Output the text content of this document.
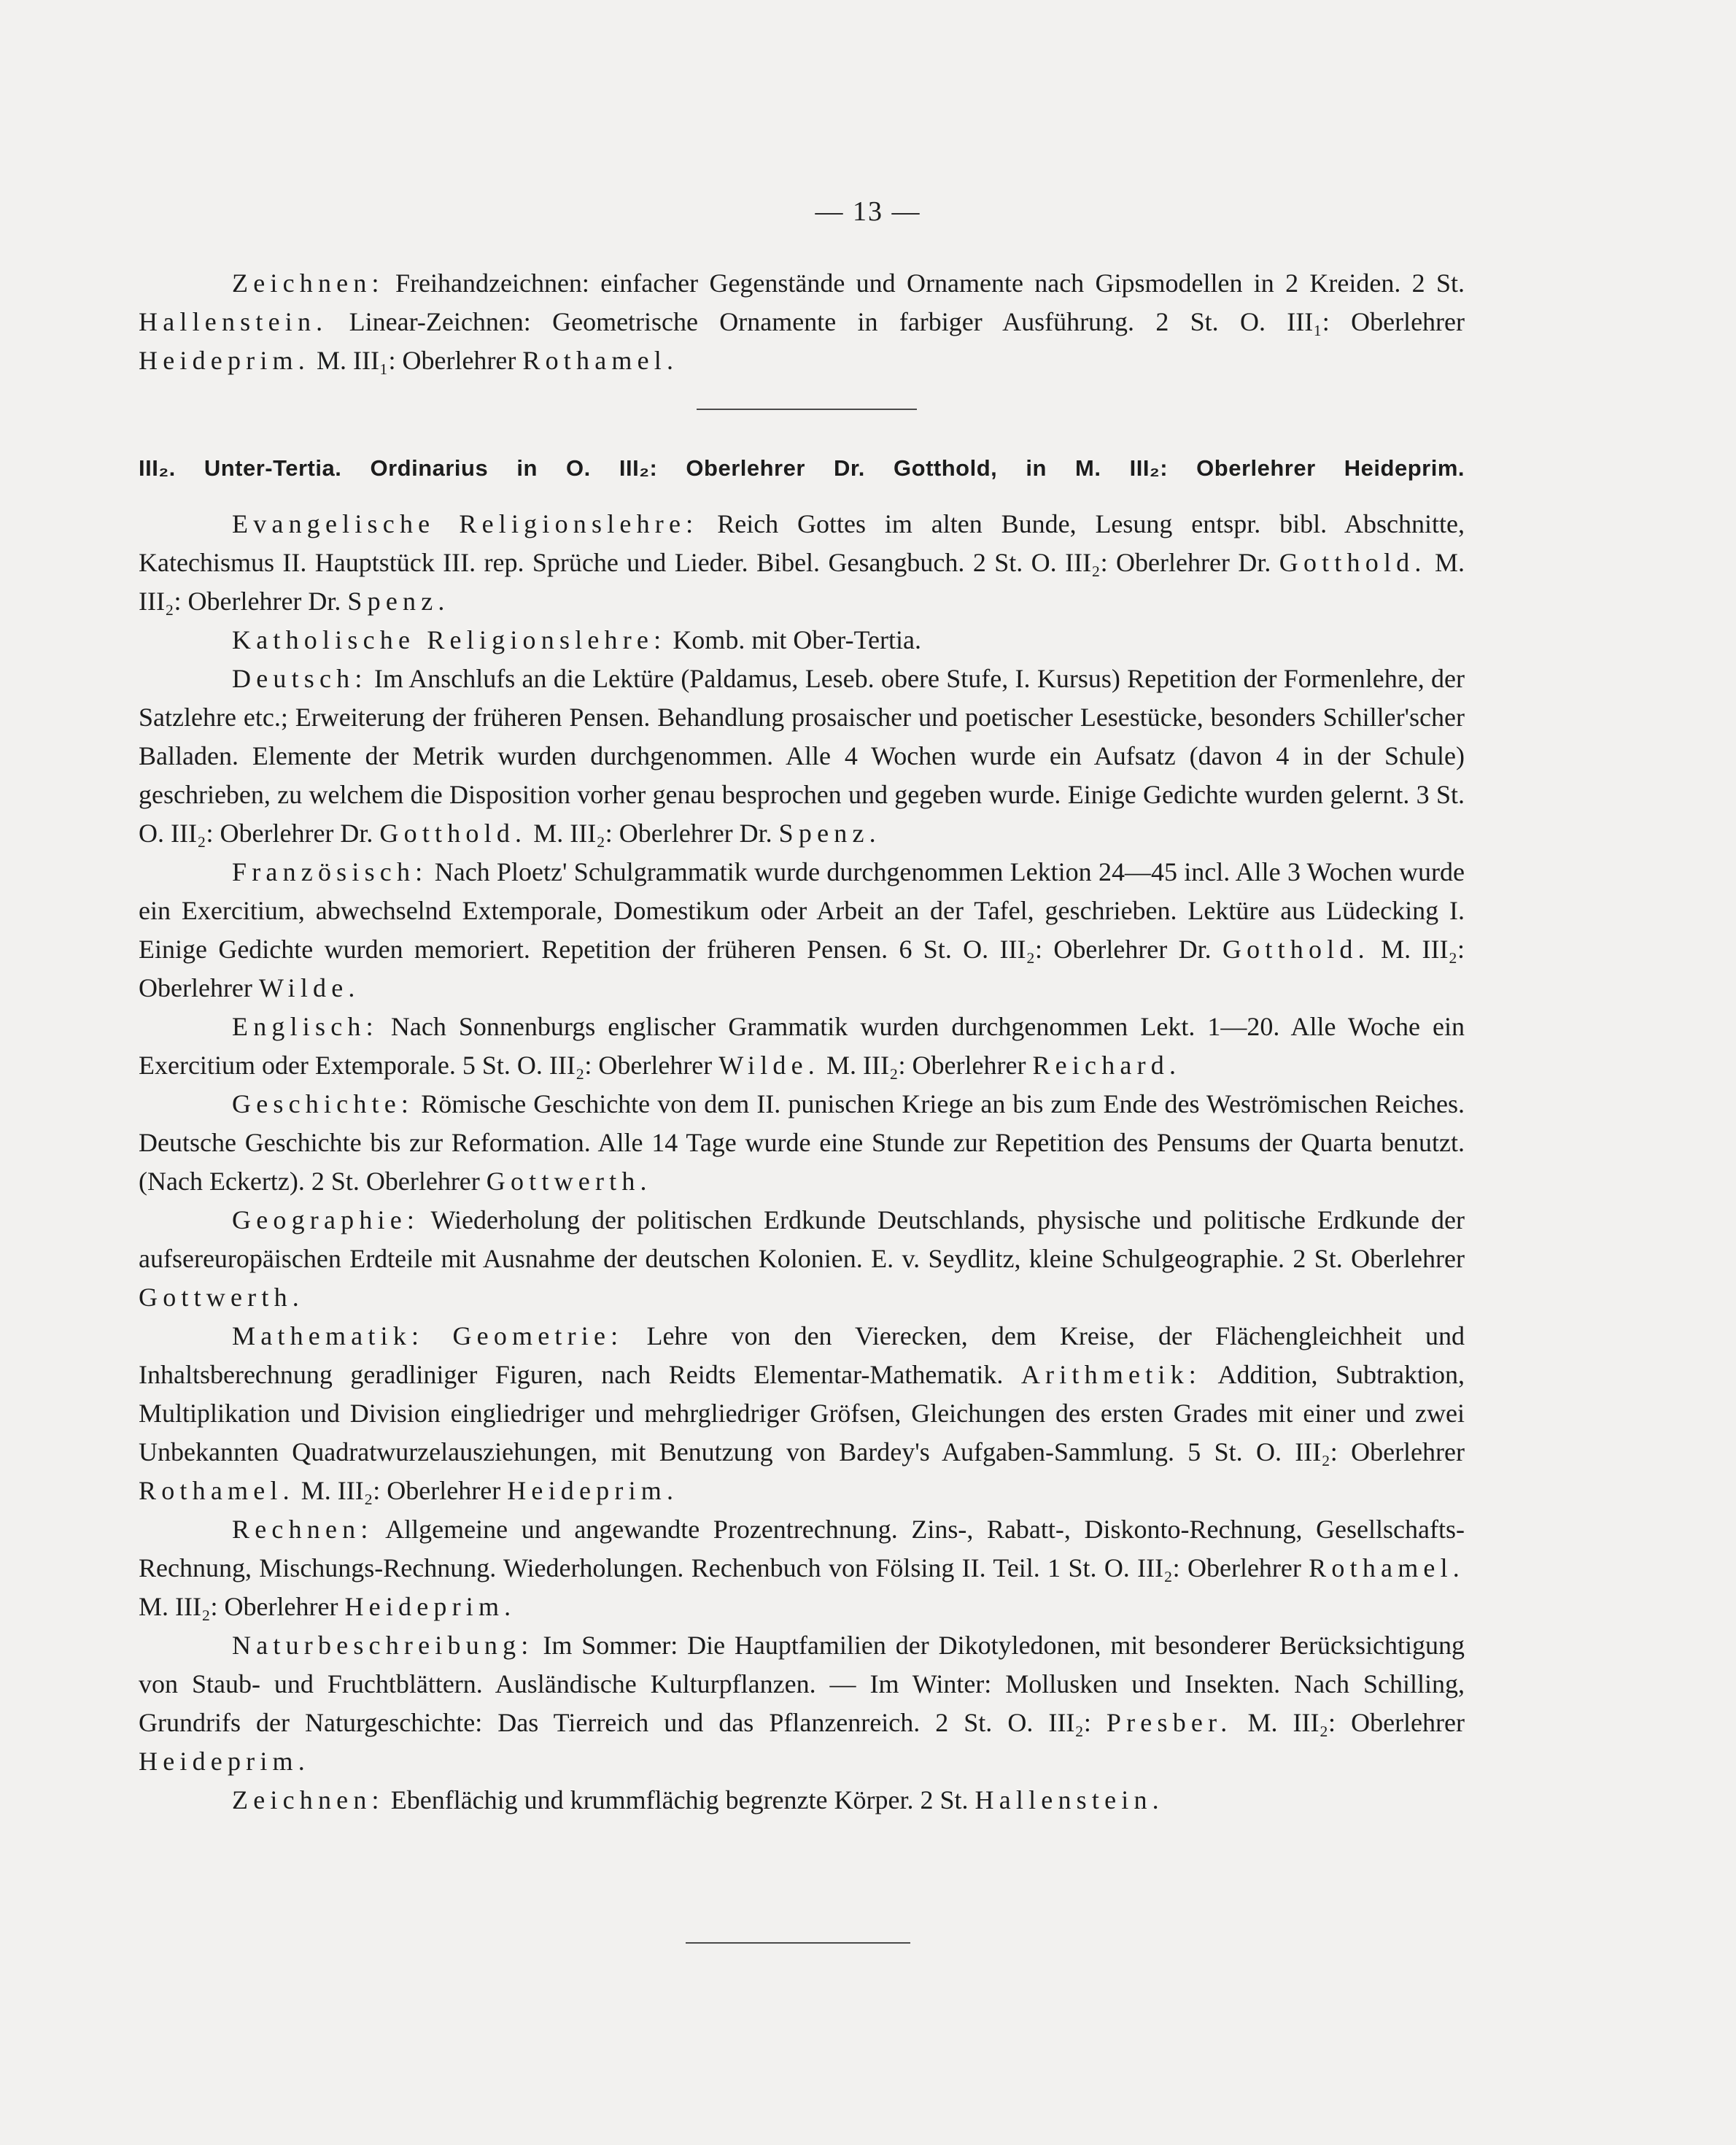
— 13 —

Zeichnen: Freihandzeichnen: einfacher Gegenstände und Ornamente nach Gipsmodellen in 2 Kreiden. 2 St. Hallenstein. Linear-Zeichnen: Geometrische Ornamente in farbiger Ausführung. 2 St. O. III₁: Oberlehrer Heideprim. M. III₁: Oberlehrer Rothamel.

III₂. Unter-Tertia. Ordinarius in O. III₂: Oberlehrer Dr. Gotthold, in M. III₂: Oberlehrer Heideprim.

Evangelische Religionslehre: Reich Gottes im alten Bunde, Lesung entspr. bibl. Abschnitte, Katechismus II. Hauptstück III. rep. Sprüche und Lieder. Bibel. Gesangbuch. 2 St. O. III₂: Oberlehrer Dr. Gotthold. M. III₂: Oberlehrer Dr. Spenz.

Katholische Religionslehre: Komb. mit Ober-Tertia.

Deutsch: Im Anschlufs an die Lektüre (Paldamus, Leseb. obere Stufe, I. Kursus) Repetition der Formenlehre, der Satzlehre etc.; Erweiterung der früheren Pensen. Behandlung prosaischer und poetischer Lesestücke, besonders Schiller'scher Balladen. Elemente der Metrik wurden durchgenommen. Alle 4 Wochen wurde ein Aufsatz (davon 4 in der Schule) geschrieben, zu welchem die Disposition vorher genau besprochen und gegeben wurde. Einige Gedichte wurden gelernt. 3 St. O. III₂: Oberlehrer Dr. Gotthold. M. III₂: Oberlehrer Dr. Spenz.

Französisch: Nach Ploetz' Schulgrammatik wurde durchgenommen Lektion 24—45 incl. Alle 3 Wochen wurde ein Exercitium, abwechselnd Extemporale, Domestikum oder Arbeit an der Tafel, geschrieben. Lektüre aus Lüdecking I. Einige Gedichte wurden memoriert. Repetition der früheren Pensen. 6 St. O. III₂: Oberlehrer Dr. Gotthold. M. III₂: Oberlehrer Wilde.

Englisch: Nach Sonnenburgs englischer Grammatik wurden durchgenommen Lekt. 1—20. Alle Woche ein Exercitium oder Extemporale. 5 St. O. III₂: Oberlehrer Wilde. M. III₂: Oberlehrer Reichard.

Geschichte: Römische Geschichte von dem II. punischen Kriege an bis zum Ende des Weströmischen Reiches. Deutsche Geschichte bis zur Reformation. Alle 14 Tage wurde eine Stunde zur Repetition des Pensums der Quarta benutzt. (Nach Eckertz). 2 St. Oberlehrer Gottwerth.

Geographie: Wiederholung der politischen Erdkunde Deutschlands, physische und politische Erdkunde der aufsereuropäischen Erdteile mit Ausnahme der deutschen Kolonien. E. v. Seydlitz, kleine Schulgeographie. 2 St. Oberlehrer Gottwerth.

Mathematik: Geometrie: Lehre von den Vierecken, dem Kreise, der Flächengleichheit und Inhaltsberechnung geradliniger Figuren, nach Reidts Elementar-Mathematik. Arithmetik: Addition, Subtraktion, Multiplikation und Division eingliedriger und mehrgliedriger Gröfsen, Gleichungen des ersten Grades mit einer und zwei Unbekannten Quadratwurzelausziehungen, mit Benutzung von Bardey's Aufgaben-Sammlung. 5 St. O. III₂: Oberlehrer Rothamel. M. III₂: Oberlehrer Heideprim.

Rechnen: Allgemeine und angewandte Prozentrechnung. Zins-, Rabatt-, Diskonto-Rechnung, Gesellschafts-Rechnung, Mischungs-Rechnung. Wiederholungen. Rechenbuch von Fölsing II. Teil. 1 St. O. III₂: Oberlehrer Rothamel. M. III₂: Oberlehrer Heideprim.

Naturbeschreibung: Im Sommer: Die Hauptfamilien der Dikotyledonen, mit besonderer Berücksichtigung von Staub- und Fruchtblättern. Ausländische Kulturpflanzen. — Im Winter: Mollusken und Insekten. Nach Schilling, Grundrifs der Naturgeschichte: Das Tierreich und das Pflanzenreich. 2 St. O. III₂: Presber. M. III₂: Oberlehrer Heideprim.

Zeichnen: Ebenflächig und krummflächig begrenzte Körper. 2 St. Hallenstein.
